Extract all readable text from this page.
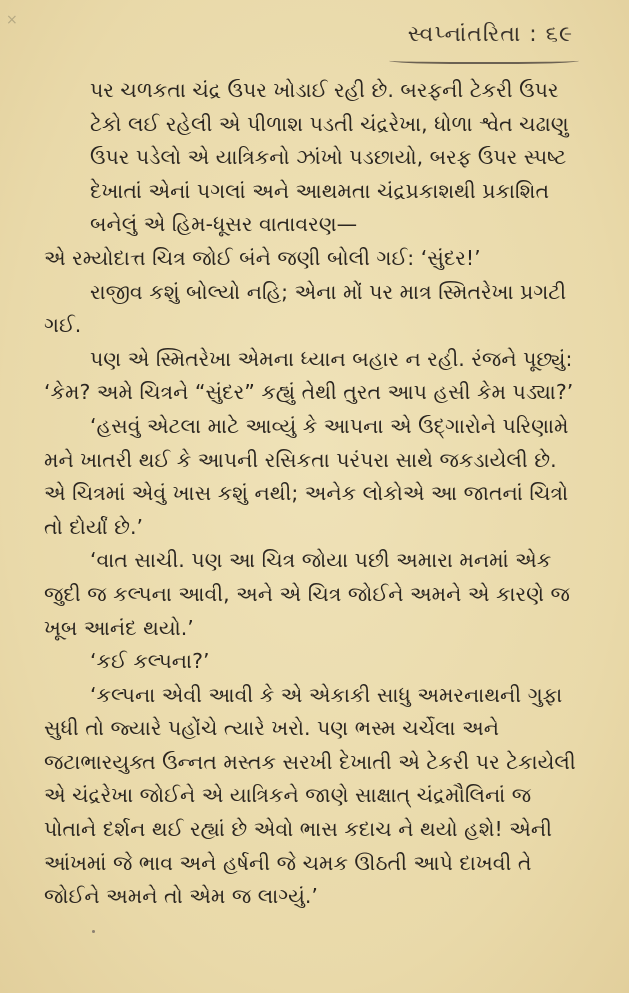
×
સ્વપ્નાંતરિતા : ૬૯

પર ચળકતા ચંદ્ર ઉપર ખોડાઈ રહી છે. બરફની ટેકરી ઉપર ટેકો લઈ રહેલી એ પીળાશ પડતી ચંદ્રરેખા, ધોળા શ્વેત ચઢાણુ ઉપર પડેલો એ યાત્રિકનો ઝાંખો પડછાયો, બરફ ઉપર સ્પષ્ટ દેખાતાં એનાં પગલાં અને આથમતા ચંદ્રપ્રકાશથી પ્રકાશિત બનેલું એ હિમ-ધૂસર વાતાવરણ—

એ રમ્યોદાત્ત ચિત્ર જોઈ બંને જણી બોલી ગઈ: ‘સુંદર!’

રાજીવ કશું બોલ્યો નહિ; એના મોં પર માત્ર સ્મિતરેખા પ્રગટી ગઈ.

પણ એ સ્મિતરેખા એમના ધ્યાન બહાર ન રહી. રંજને પૂછ્યું: ‘કેમ? અમે ચિત્રને “સુંદર” કહ્યું તેથી તુરત આપ હસી કેમ પડ્યા?’

‘હસવું એટલા માટે આવ્યું કે આપના એ ઉદ્ગારોને પરિણામે મને ખાતરી થઈ કે આપની રસિકતા પરંપરા સાથે જકડાયેલી છે. એ ચિત્રમાં એવું ખાસ કશું નથી; અનેક લોકોએ આ જાતનાં ચિત્રો તો દોર્યાં છે.’

‘વાત સાચી. પણ આ ચિત્ર જોયા પછી અમારા મનમાં એક જુદી જ કલ્પના આવી, અને એ ચિત્ર જોઈને અમને એ કારણે જ ખૂબ આનંદ થયો.’

‘કઈ કલ્પના?’

‘કલ્પના એવી આવી કે એ એકાકી સાધુ અમરનાથની ગુફા સુધી તો જ્યારે પહોંચે ત્યારે ખરો. પણ ભસ્મ ચર્ચેલા અને જટાભારયુક્ત ઉન્નત મસ્તક સરખી દેખાતી એ ટેકરી પર ટેકાયેલી એ ચંદ્રરેખા જોઈને એ યાત્રિકને જાણે સાક્ષાત્ ચંદ્રમૌલિનાં જ પોતાને દર્શન થઈ રહ્યાં છે એવો ભાસ કદાચ ને થયો હશે! એની આંખમાં જે ભાવ અને હર્ષની જે ચમક ઊઠતી આપે દાખવી તે જોઈને અમને તો એમ જ લાગ્યું.’
